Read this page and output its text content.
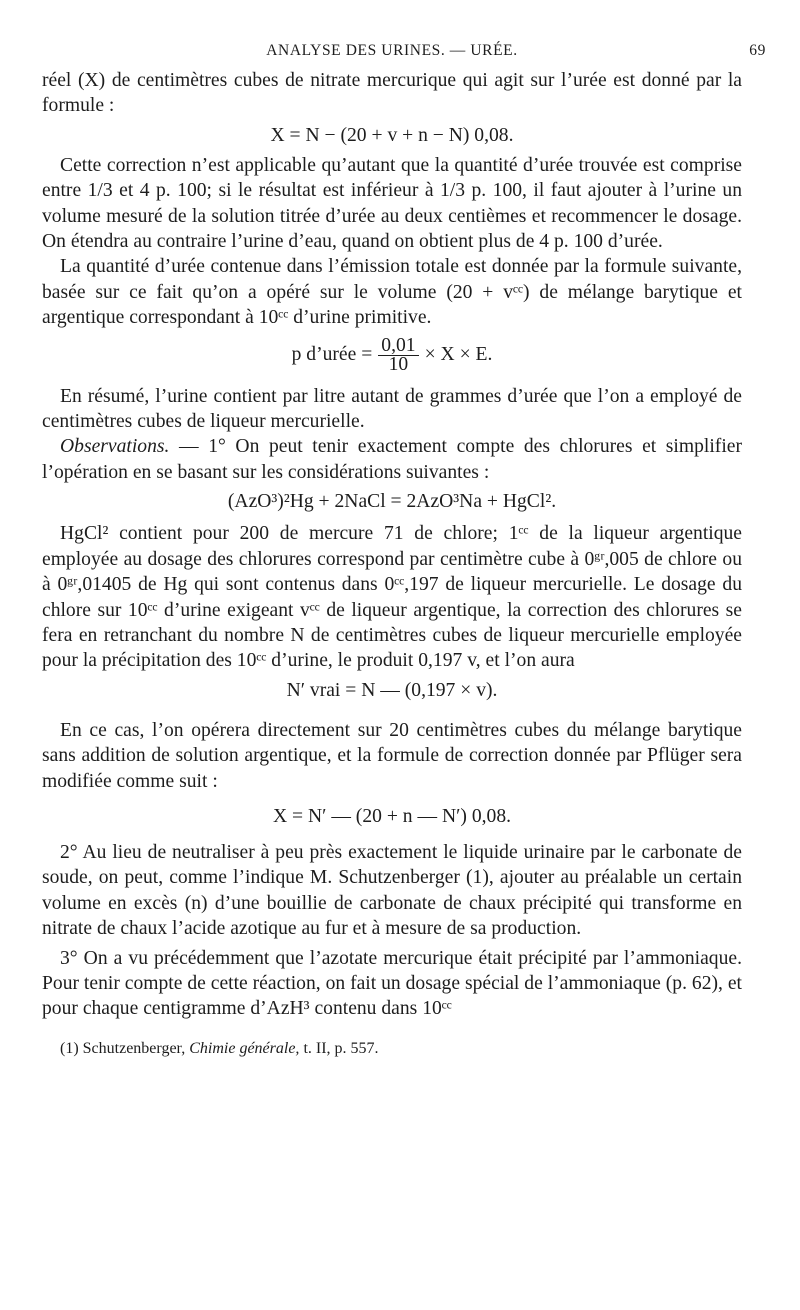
ANALYSE DES URINES. — URÉE.	69

réel (X) de centimètres cubes de nitrate mercurique qui agit sur l’urée est donné par la formule :

X = N − (20 + v + n − N) 0,08.

Cette correction n’est applicable qu’autant que la quantité d’urée trouvée est comprise entre 1/3 et 4 p. 100; si le résultat est inférieur à 1/3 p. 100, il faut ajouter à l’urine un volume mesuré de la solution titrée d’urée au deux centièmes et recommencer le dosage. On étendra au contraire l’urine d’eau, quand on obtient plus de 4 p. 100 d’urée.

La quantité d’urée contenue dans l’émission totale est donnée par la formule suivante, basée sur ce fait qu’on a opéré sur le volume (20 + vᶜᶜ) de mélange barytique et argentique correspondant à 10ᶜᶜ d’urine primitive.

p d’urée = $\frac{0,01}{10} \times X \times E$.

En résumé, l’urine contient par litre autant de grammes d’urée que l’on a employé de centimètres cubes de liqueur mercurielle.

Observations. — 1° On peut tenir exactement compte des chlorures et simplifier l’opération en se basant sur les considérations suivantes :

(AzO³)²Hg + 2NaCl = 2AzO³Na + HgCl².

HgCl² contient pour 200 de mercure 71 de chlore; 1ᶜᶜ de la liqueur argentique employée au dosage des chlorures correspond par centimètre cube à 0ᵍʳ,005 de chlore ou à 0ᵍʳ,01405 de Hg qui sont contenus dans 0ᶜᶜ,197 de liqueur mercurielle. Le dosage du chlore sur 10ᶜᶜ d’urine exigeant vᶜᶜ de liqueur argentique, la correction des chlorures se fera en retranchant du nombre N de centimètres cubes de liqueur mercurielle employée pour la précipitation des 10ᶜᶜ d’urine, le produit 0,197 v, et l’on aura

N′ vrai = N — (0,197 × v).

En ce cas, l’on opérera directement sur 20 centimètres cubes du mélange barytique sans addition de solution argentique, et la formule de correction donnée par Pflüger sera modifiée comme suit :

X = N′ — (20 + n — N′) 0,08.

2° Au lieu de neutraliser à peu près exactement le liquide urinaire par le carbonate de soude, on peut, comme l’indique M. Schutzenberger (1), ajouter au préalable un certain volume en excès (n) d’une bouillie de carbonate de chaux précipité qui transforme en nitrate de chaux l’acide azotique au fur et à mesure de sa production.

3° On a vu précédemment que l’azotate mercurique était précipité par l’ammoniaque. Pour tenir compte de cette réaction, on fait un dosage spécial de l’ammoniaque (p. 62), et pour chaque centigramme d’AzH³ contenu dans 10ᶜᶜ

(1) Schutzenberger, Chimie générale, t. II, p. 557.
